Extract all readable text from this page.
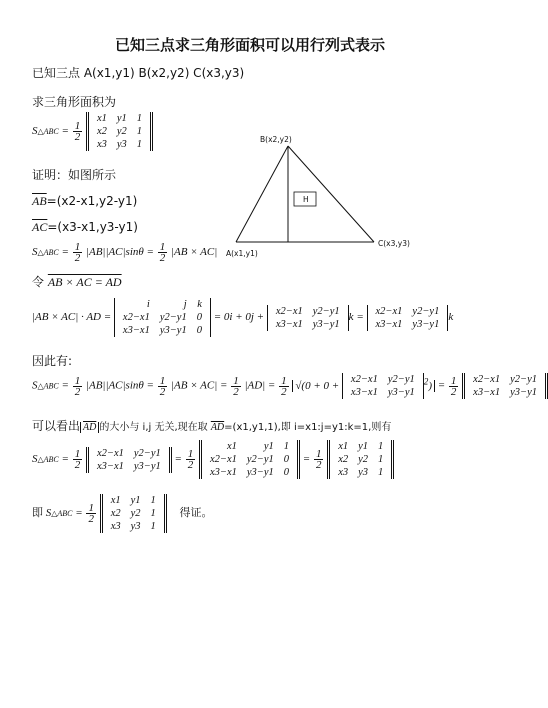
已知三点求三角形面积可以用行列式表示
已知三点 A(x1,y1) B(x2,y2) C(x3,y3)
求三角形面积为
S△ABC = $\frac{1}{2}$

x1	y1	1
x2	y2	1
x3	y3	1
证明：如图所示
$\overline{AB}=(x2-x1,y2-y1)$
$\overline{AC}=(x3-x1,y3-y1)$
S△ABC = $\frac{1}{2} |AB||AC|\sin\theta = \frac{1}{2} |AB \times AC|$
令 AB × AC = AD
|AB × AC| · AD =
i	j	k
x2−x1	y2−y1	0
x3−x1	y3−y1	0
= 0i + 0j +
x2−x1	y2−y1
x3−x1	y3−y1
k =
x2−x1	y2−y1
x3−x1	y3−y1
k
因此有:
S△ABC = $\frac{1}{2} |AB||AC|\sin\theta = \frac{1}{2} |AB \times AC| = \frac{1}{2} |AD| = \frac{1}{2} √(0 + 0$ +
x2−x1	y2−y1
x3−x1	y3−y1
$^2) = \frac{1}{2}$
x2−x1	y2−y1
x3−x1	y3−y1
可以看出 $\overline{AD}$ 的大小与 i,j 无关,现在取 $\overline{AD}=(x1,y1,1)$,即 i=x1:j=y1:k=1,则有
S△ABC = $\frac{1}{2}$
x2−x1	y2−y1
x3−x1	y3−y1
= $\frac{1}{2}$

x1	y1	1
x2−x1	y2−y1	0
x3−x1	y3−y1	0
= $\frac{1}{2}$

x1	y1	1
x2	y2	1
x3	y3	1
即 S△ABC = $\frac{1}{2}$

x1	y1	1
x2	y2	1
x3	y3	1
得证。
H
B(x2,y2)
A(x1,y1)
C(x3,y3)
